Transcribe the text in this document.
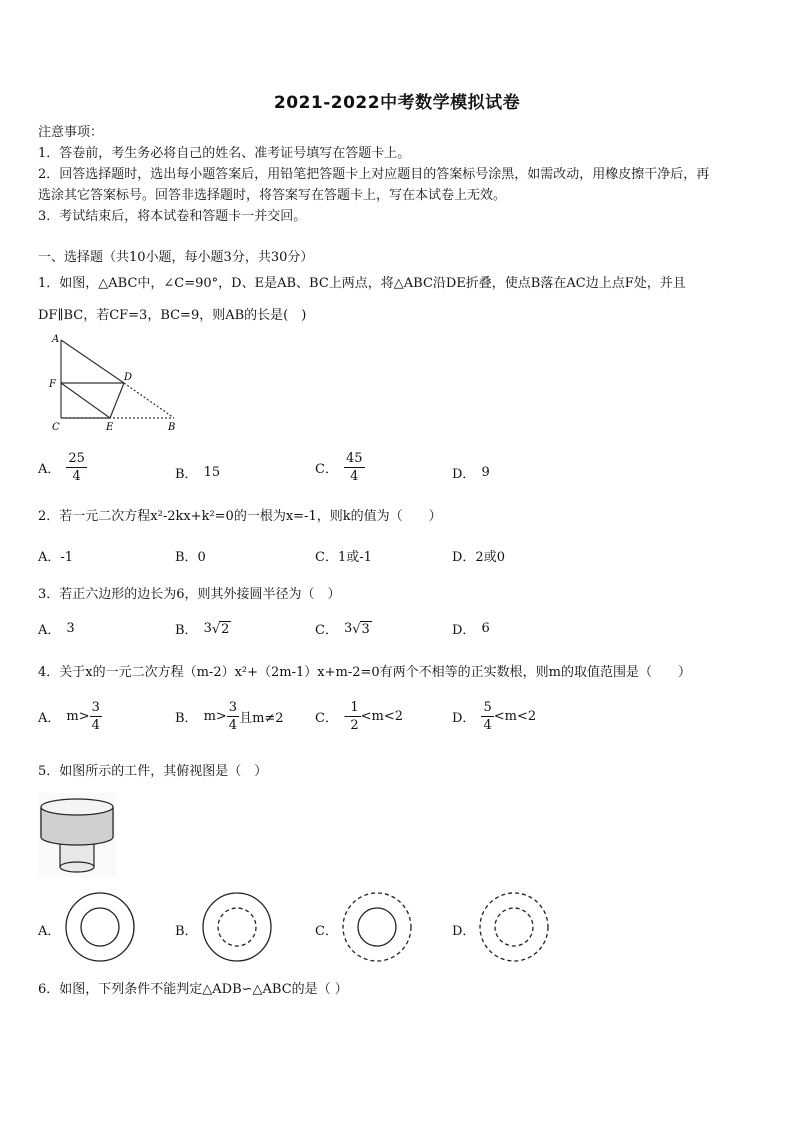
2021-2022中考数学模拟试卷
注意事项：
1．答卷前，考生务必将自己的姓名、准考证号填写在答题卡上。
2．回答选择题时，选出每小题答案后，用铅笔把答题卡上对应题目的答案标号涂黑，如需改动，用橡皮擦干净后，再
选涂其它答案标号。回答非选择题时，将答案写在答题卡上，写在本试卷上无效。
3．考试结束后，将本试卷和答题卡一并交回。
一、选择题（共10小题，每小题3分，共30分）
1．如图，△ABC中，∠C=90°，D、E是AB、BC上两点，将△ABC沿DE折叠，使点B落在AC边上点F处，并且
DF∥BC，若CF=3，BC=9，则AB的长是(　)
A
F
C
D
E	B
A． $\frac{25}{4}$	B． 15	C． $\frac{45}{4}$	D． 9
2．若一元二次方程x²-2kx+k²=0的一根为x=-1，则k的值为（　　）
A．-1	B．0	C．1或-1	D．2或0
3．若正六边形的边长为6，则其外接圆半径为（　）
A． 3	B． 3 √ 2	C． 3 √ 3	D． 6
4．关于x的一元二次方程（m-2）x²+（2m-1）x+m-2=0有两个不相等的正实数根，则m的取值范围是（　　）
A． $m> \frac{3}{4}$	B． $m> \frac{3}{4}$ 且m≠2 C． - $\frac{1}{2} <m<2$	D． $\frac{5}{4} <m<2$
5．如图所示的工件，其俯视图是（　）
A．	B．	C．	D．
6．如图，下列条件不能判定△ADB∽△ABC的是（ ）
